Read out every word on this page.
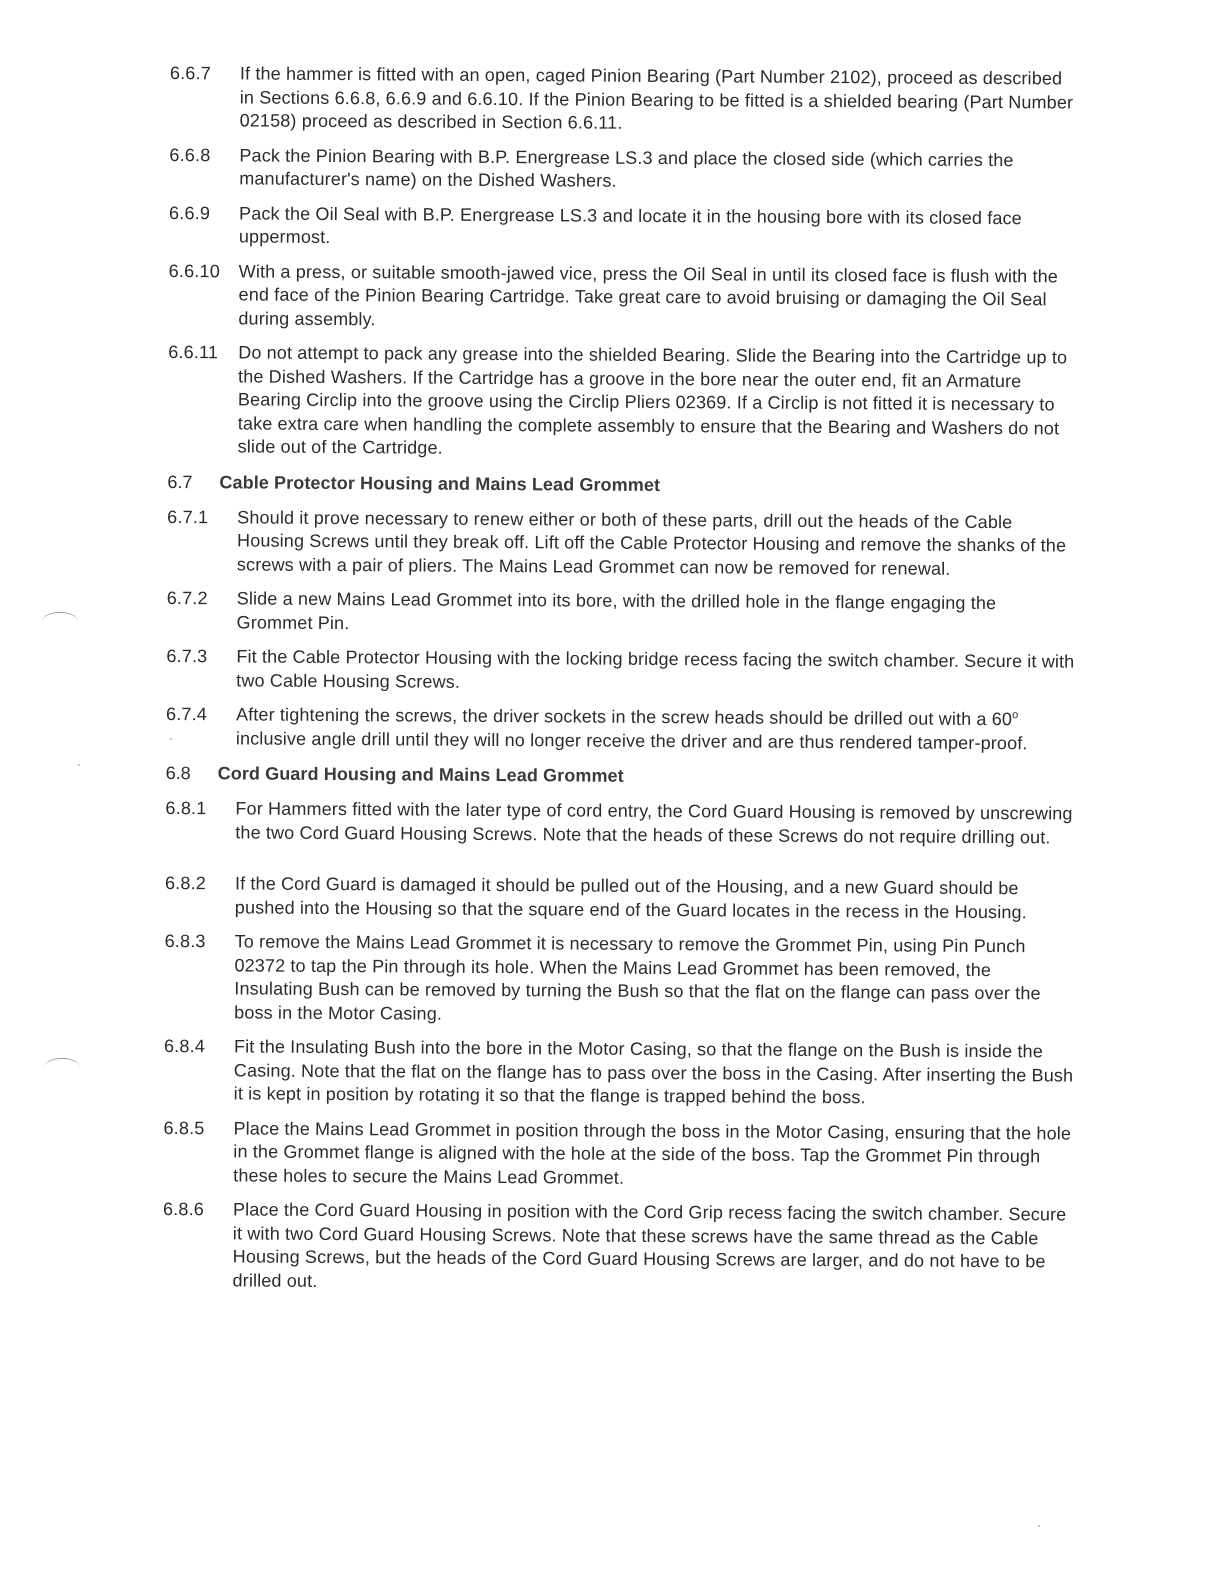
6.6.7	If the hammer is fitted with an open, caged Pinion Bearing (Part Number 2102), proceed as described in Sections 6.6.8, 6.6.9 and 6.6.10. If the Pinion Bearing to be fitted is a shielded bearing (Part Number 02158) proceed as described in Section 6.6.11.
6.6.8	Pack the Pinion Bearing with B.P. Energrease LS.3 and place the closed side (which carries the manufacturer's name) on the Dished Washers.
6.6.9	Pack the Oil Seal with B.P. Energrease LS.3 and locate it in the housing bore with its closed face uppermost.
6.6.10	With a press, or suitable smooth-jawed vice, press the Oil Seal in until its closed face is flush with the end face of the Pinion Bearing Cartridge. Take great care to avoid bruising or damaging the Oil Seal during assembly.
6.6.11	Do not attempt to pack any grease into the shielded Bearing. Slide the Bearing into the Cartridge up to the Dished Washers. If the Cartridge has a groove in the bore near the outer end, fit an Armature Bearing Circlip into the groove using the Circlip Pliers 02369. If a Circlip is not fitted it is necessary to take extra care when handling the complete assembly to ensure that the Bearing and Washers do not slide out of the Cartridge.
6.7	Cable Protector Housing and Mains Lead Grommet
6.7.1	Should it prove necessary to renew either or both of these parts, drill out the heads of the Cable Housing Screws until they break off. Lift off the Cable Protector Housing and remove the shanks of the screws with a pair of pliers. The Mains Lead Grommet can now be removed for renewal.
6.7.2	Slide a new Mains Lead Grommet into its bore, with the drilled hole in the flange engaging the Grommet Pin.
6.7.3	Fit the Cable Protector Housing with the locking bridge recess facing the switch chamber. Secure it with two Cable Housing Screws.
6.7.4	After tightening the screws, the driver sockets in the screw heads should be drilled out with a 60$^o$ inclusive angle drill until they will no longer receive the driver and are thus rendered tamper-proof.
6.8	Cord Guard Housing and Mains Lead Grommet
6.8.1	For Hammers fitted with the later type of cord entry, the Cord Guard Housing is removed by unscrewing the two Cord Guard Housing Screws. Note that the heads of these Screws do not require drilling out.
6.8.2	If the Cord Guard is damaged it should be pulled out of the Housing, and a new Guard should be pushed into the Housing so that the square end of the Guard locates in the recess in the Housing.
6.8.3	To remove the Mains Lead Grommet it is necessary to remove the Grommet Pin, using Pin Punch 02372 to tap the Pin through its hole. When the Mains Lead Grommet has been removed, the Insulating Bush can be removed by turning the Bush so that the flat on the flange can pass over the boss in the Motor Casing.
6.8.4	Fit the Insulating Bush into the bore in the Motor Casing, so that the flange on the Bush is inside the Casing. Note that the flat on the flange has to pass over the boss in the Casing. After inserting the Bush it is kept in position by rotating it so that the flange is trapped behind the boss.
6.8.5	Place the Mains Lead Grommet in position through the boss in the Motor Casing, ensuring that the hole in the Grommet flange is aligned with the hole at the side of the boss. Tap the Grommet Pin through these holes to secure the Mains Lead Grommet.
6.8.6	Place the Cord Guard Housing in position with the Cord Grip recess facing the switch chamber. Secure it with two Cord Guard Housing Screws. Note that these screws have the same thread as the Cable Housing Screws, but the heads of the Cord Guard Housing Screws are larger, and do not have to be drilled out.
